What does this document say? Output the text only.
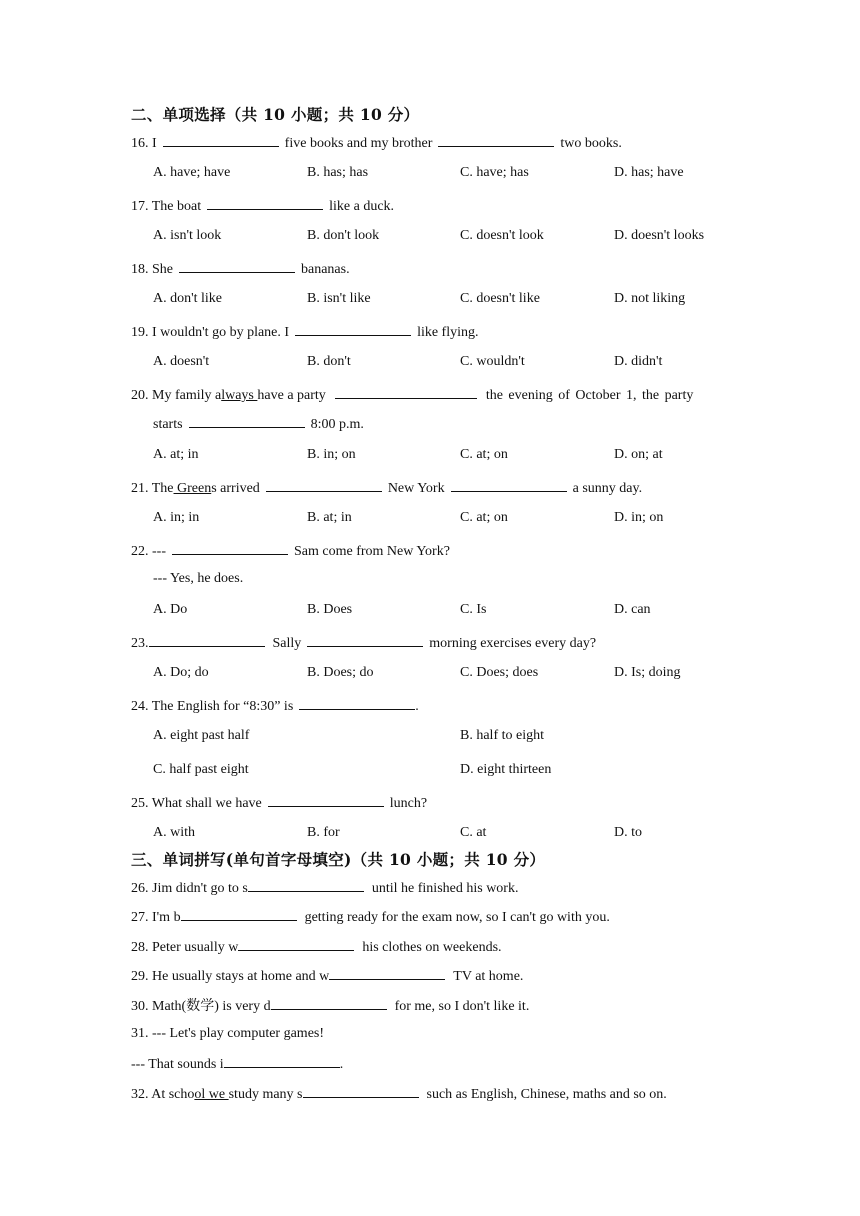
二、单项选择（共 10 小题；共 10 分）
16. I	five books and my brother	two books.
A. have; have	B. has; has	C. have; has	D. has; have
17. The boat	like a duck.
A. isn't look	B. don't look	C. doesn't look	D. doesn't looks
18. She	bananas.
A. don't like	B. isn't like	C. doesn't like	D. not liking
19. I wouldn't go by plane. I	like flying.
A. doesn't	B. don't	C. wouldn't	D. didn't
20. My family always have a party	the evening of October 1, the party
starts	8:00 p.m.
A. at; in	B. in; on	C. at; on	D. on; at
21. The Greens arrived	New York	a sunny day.
A. in; in	B. at; in	C. at; on	D. in; on
22. ---	Sam come from New York?
--- Yes, he does.
A. Do	B. Does	C. Is	D. can
23.	Sally	morning exercises every day?
A. Do; do	B. Does; do	C. Does; does	D. Is; doing
24. The English for “8:30” is	.
A. eight past half	B. half to eight
C. half past eight	D. eight thirteen
25. What shall we have	lunch?
A. with	B. for	C. at	D. to
三、单词拼写(单句首字母填空)（共 10 小题；共 10 分）
26. Jim didn't go to s	until he finished his work.
27. I'm b	getting ready for the exam now, so I can't go with you.
28. Peter usually w	his clothes on weekends.
29. He usually stays at home and w	TV at home.
30. Math(数学) is very d	for me, so I don't like it.
31. --- Let's play computer games!
--- That sounds i	.
32. At school we study many s	such as English, Chinese, maths and so on.
